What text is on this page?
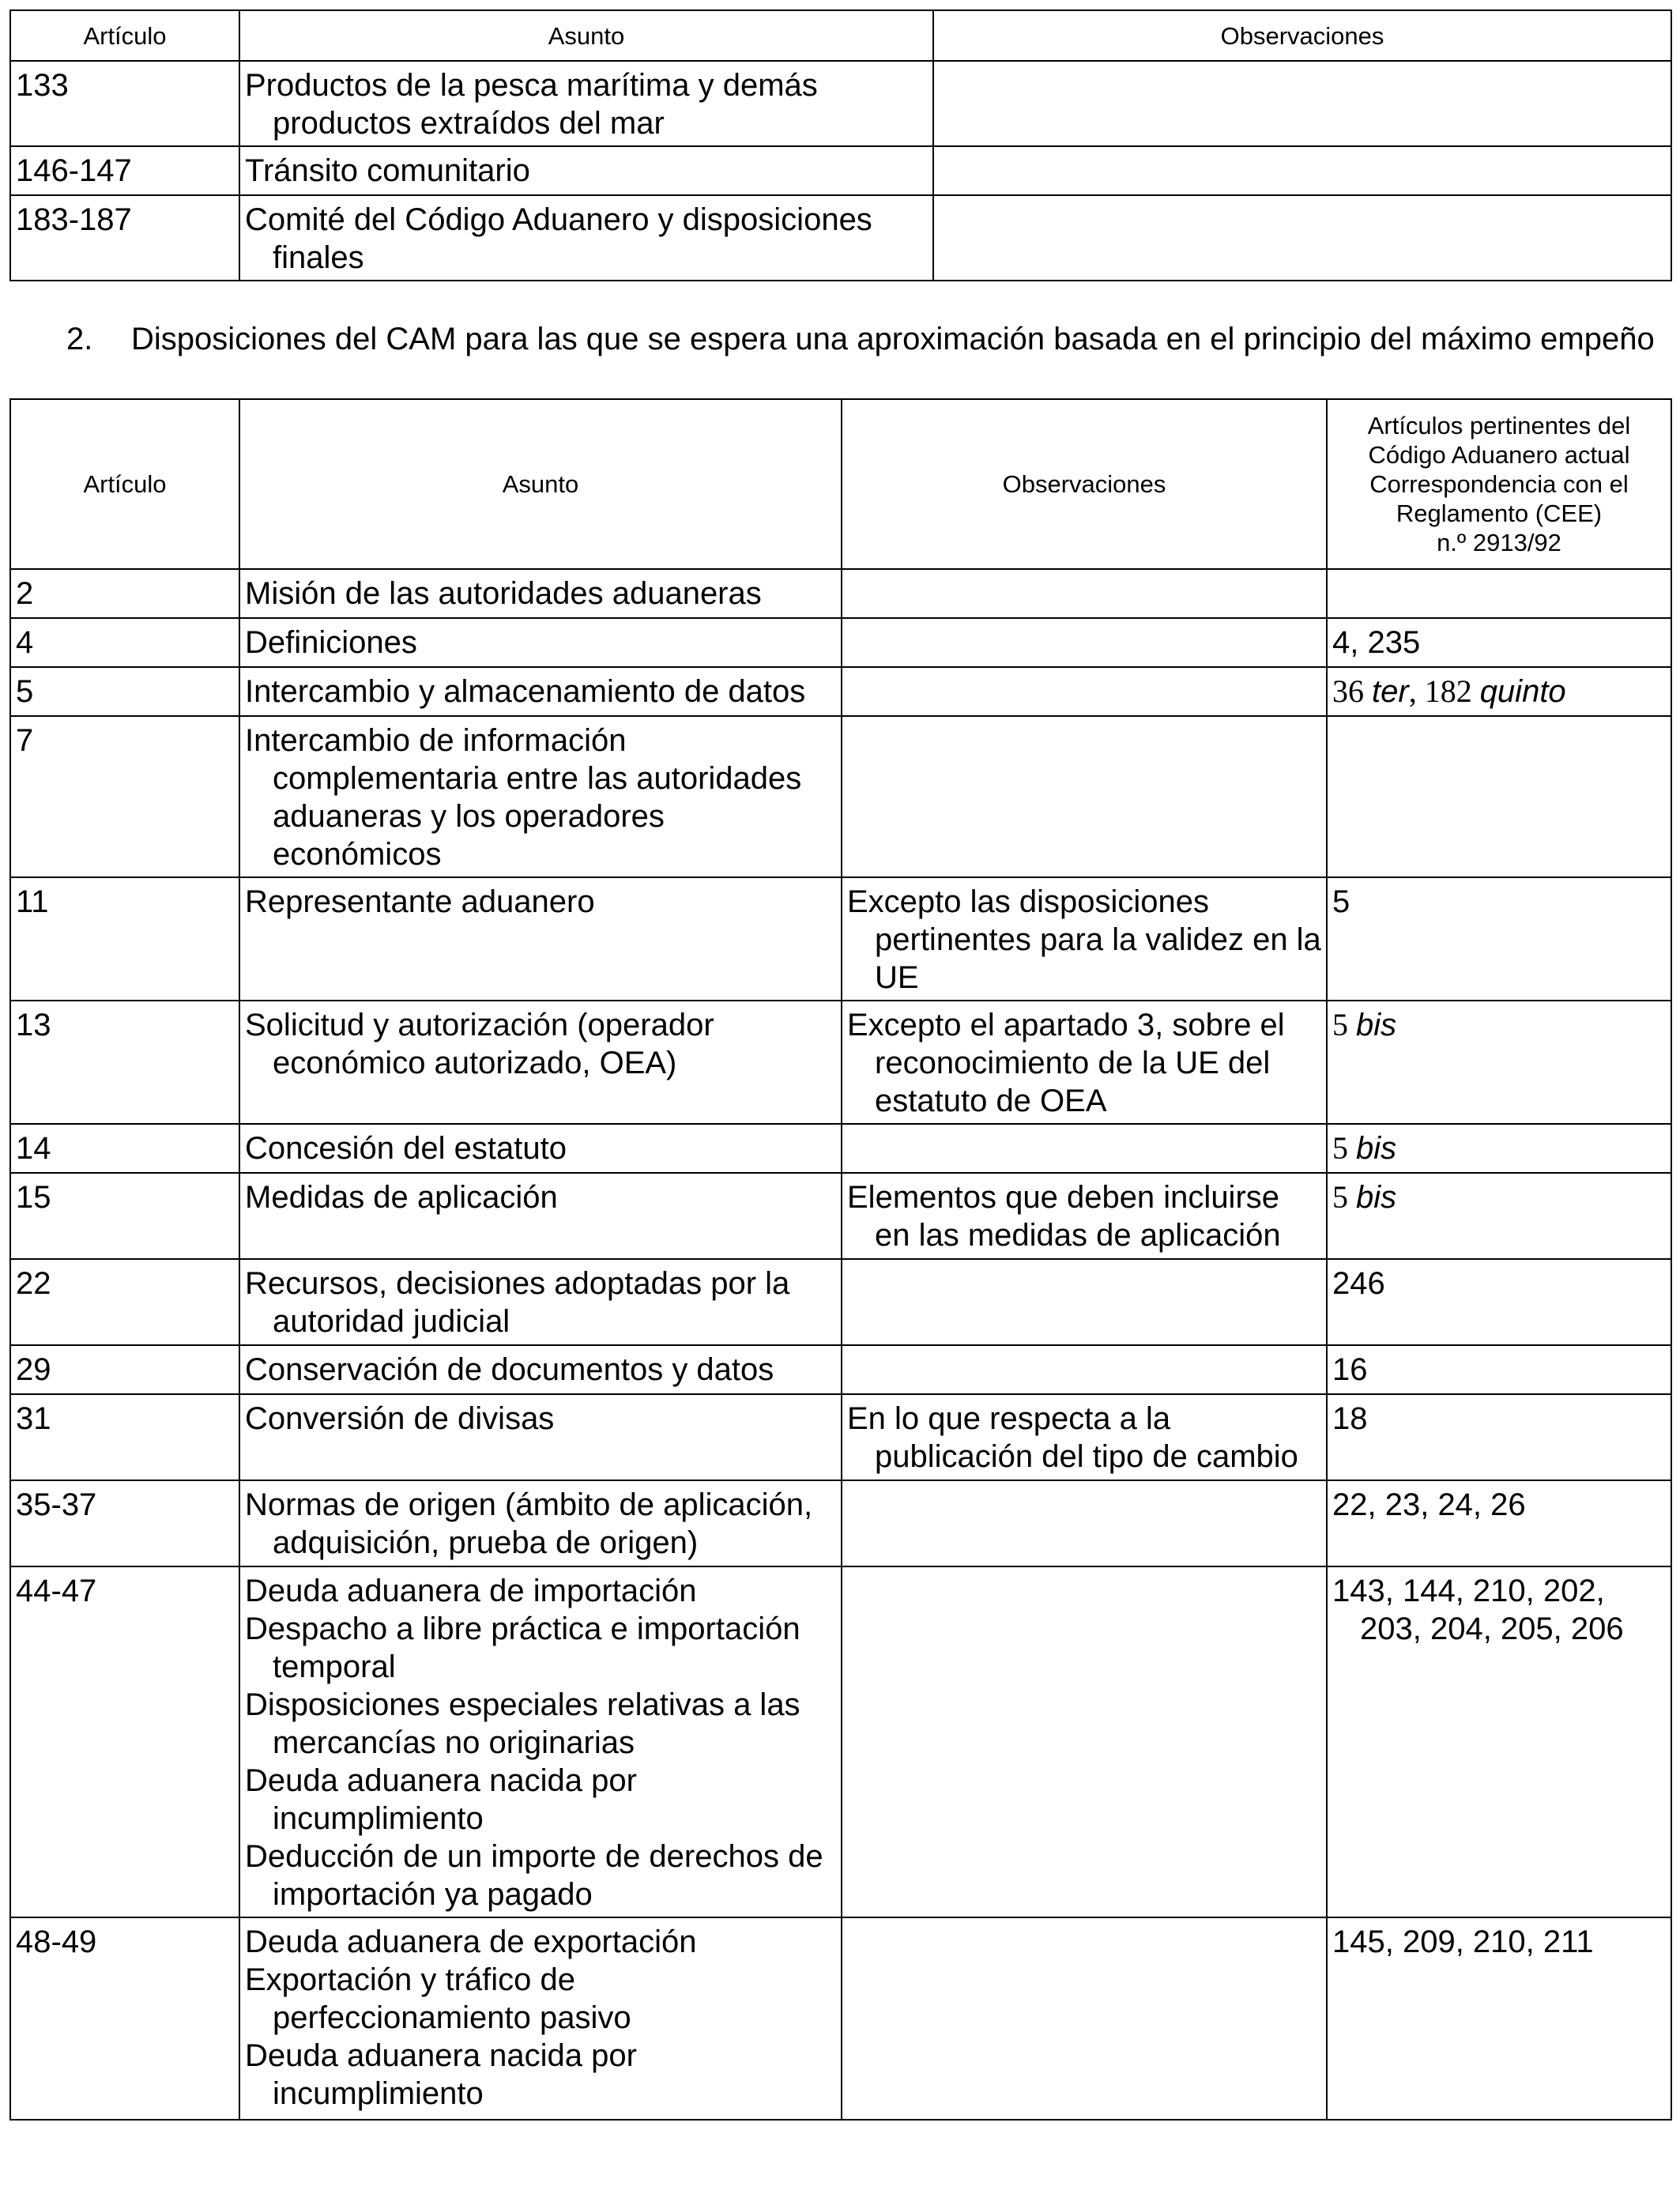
Artículo	Asunto	Observaciones
133	Productos de la pesca marítima y demás productos extraídos del mar	

146-147	Tránsito comunitario	

183-187	Comité del Código Aduanero y disposiciones finales	

2. Disposiciones del CAM para las que se espera una aproximación basada en el principio del máximo empeño
Artículo	Asunto	Observaciones	Artículos pertinentes del
Código Aduanero actual
Correspondencia con el
Reglamento (CEE)
n.º 2913/92

2	Misión de las autoridades aduaneras		

4	Definiciones		4, 235

5	Intercambio y almacenamiento de datos		36 ter, 182 quinto

7	Intercambio de información complementaria entre las autoridades aduaneras y los operadores económicos		

11	Representante aduanero	Excepto las disposiciones pertinentes para la validez en la UE	5

13	Solicitud y autorización (operador económico autorizado, OEA)	Excepto el apartado 3, sobre el reconocimiento de la UE del estatuto de OEA	5 bis

14	Concesión del estatuto		5 bis

15	Medidas de aplicación	Elementos que deben incluirse en las medidas de aplicación	5 bis

22	Recursos, decisiones adoptadas por la autoridad judicial		246

29	Conservación de documentos y datos		16

31	Conversión de divisas	En lo que respecta a la publicación del tipo de cambio	18

35-37	Normas de origen (ámbito de aplicación, adquisición, prueba de origen)		22, 23, 24, 26

44-47	Deuda aduanera de importación
Despacho a libre práctica e importación temporal
Disposiciones especiales relativas a las mercancías no originarias
Deuda aduanera nacida por incumplimiento
Deducción de un importe de derechos de importación ya pagado		143, 144, 210, 202, 203, 204, 205, 206

48-49	Deuda aduanera de exportación
Exportación y tráfico de perfeccionamiento pasivo
Deuda aduanera nacida por incumplimiento		145, 209, 210, 211
